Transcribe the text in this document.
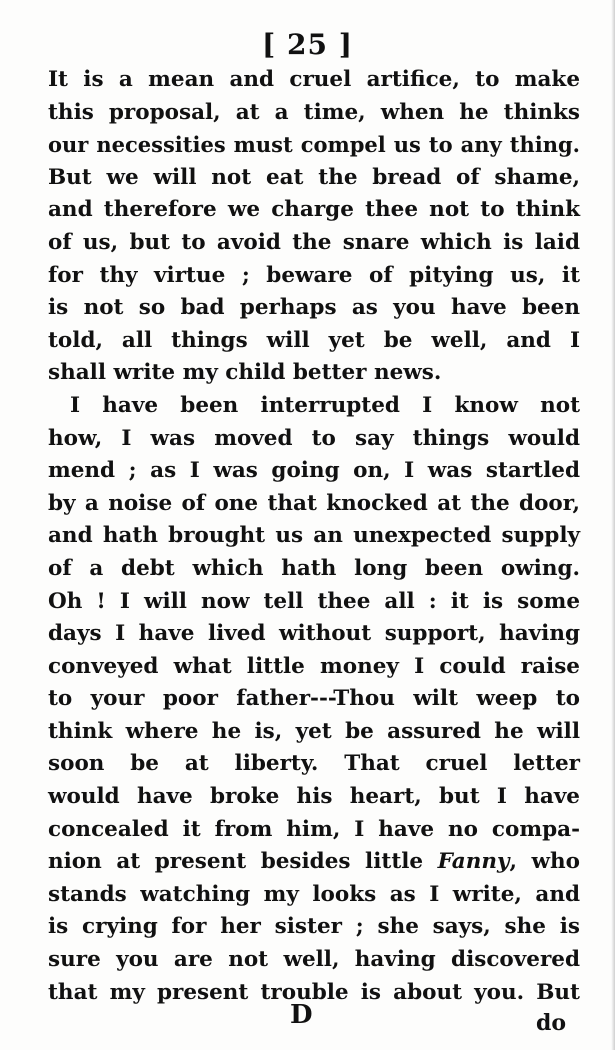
[ 25 ]
It is a mean and cruel artifice, to make
this proposal, at a time, when he thinks
our necessities must compel us to any thing.
But we will not eat the bread of shame,
and therefore we charge thee not to think
of us, but to avoid the snare which is laid
for thy virtue ; beware of pitying us, it
is not so bad perhaps as you have been
told, all things will yet be well, and I
shall write my child better news.
I have been interrupted I know not
how, I was moved to say things would
mend ; as I was going on, I was startled
by a noise of one that knocked at the door,
and hath brought us an unexpected supply
of a debt which hath long been owing.
Oh ! I will now tell thee all : it is some
days I have lived without support, having
conveyed what little money I could raise
to your poor father---Thou wilt weep to
think where he is, yet be assured he will
soon be at liberty. That cruel letter
would have broke his heart, but I have
concealed it from him, I have no compa-
nion at present besides little Fanny, who
stands watching my looks as I write, and
is crying for her sister ; she says, she is
sure you are not well, having discovered
that my present trouble is about you. But
D	do
